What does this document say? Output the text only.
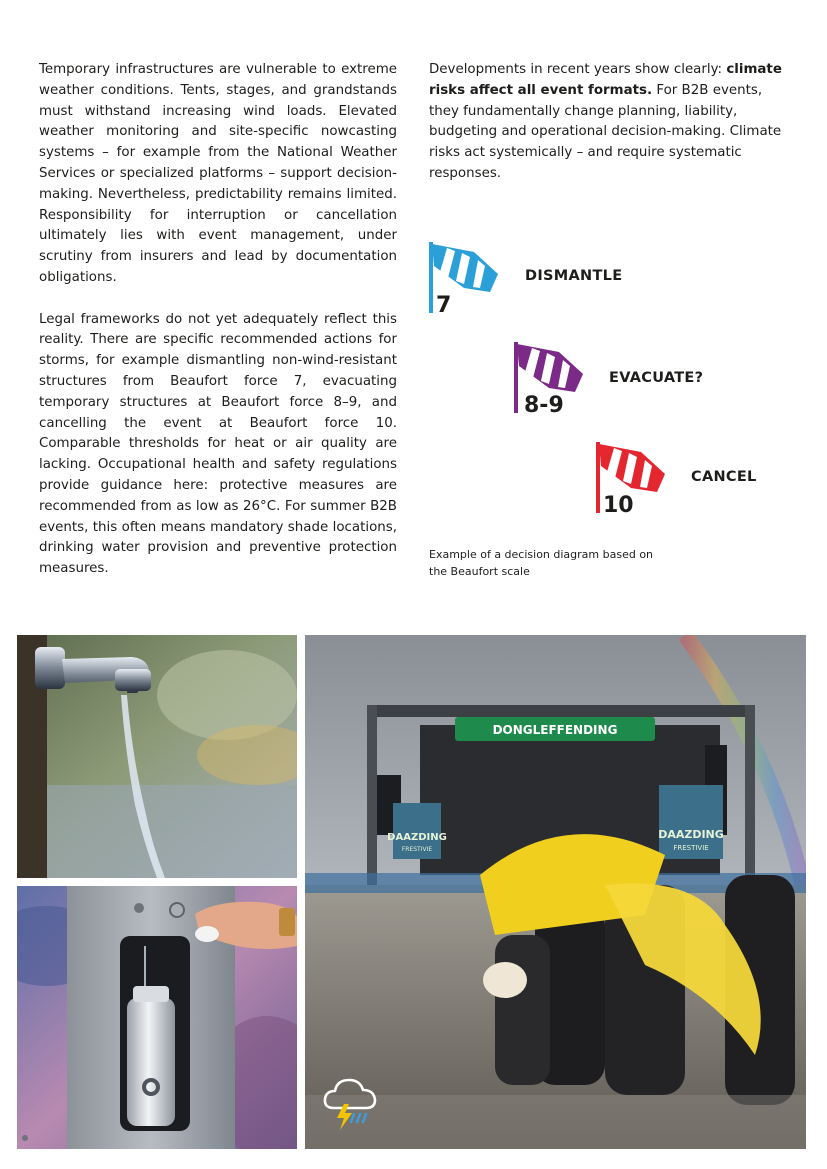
Temporary infrastructures are vulnerable to extreme weather conditions. Tents, stages, and grandstands must withstand increasing wind loads. Elevated weather monitoring and site-specific nowcasting systems – for example from the National Weather Services or specialized platforms – support decision-making. Nevertheless, predictability remains limited. Responsibility for interruption or cancellation ultimately lies with event management, under scrutiny from insurers and lead by documentation obligations.

Legal frameworks do not yet adequately reflect this reality. There are specific recommended actions for storms, for example dismantling non-wind-resistant structures from Beaufort force 7, evacuating temporary structures at Beaufort force 8–9, and cancelling the event at Beaufort force 10. Comparable thresholds for heat or air quality are lacking. Occupational health and safety regulations provide guidance here: protective measures are recommended from as low as 26°C. For summer B2B events, this often means mandatory shade locations, drinking water provision and preventive protection measures.

Developments in recent years show clearly: climate risks affect all event formats. For B2B events, they fundamentally change planning, liability, budgeting and operational decision-making. Climate risks act systemically – and require systematic responses.

7
DISMANTLE
8-9
EVACUATE?
10
CANCEL
Example of a decision diagram based on the Beaufort scale
DONGLEFFENDING
DAAZDING
FRESTIVIE
DAAZDING
FRESTIVIE
